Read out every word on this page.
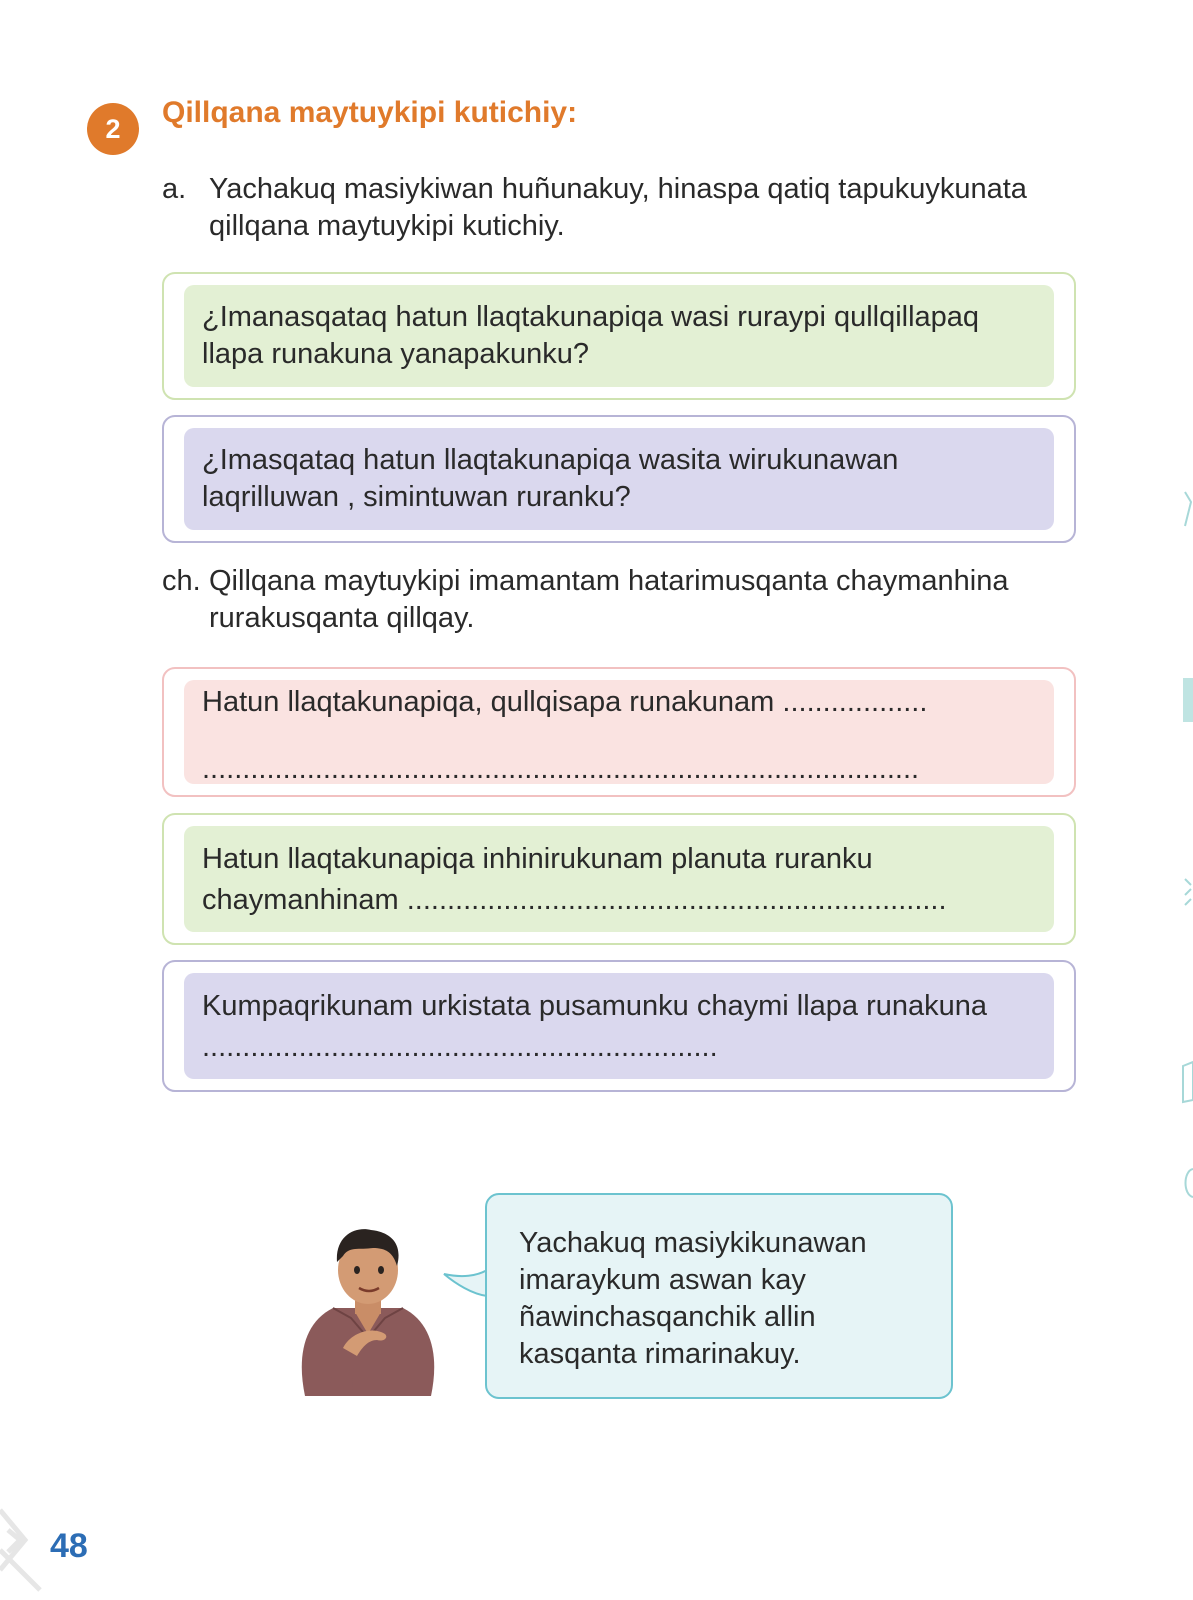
2	Qillqana maytuykipi kutichiy:
a. Yachakuq masiykiwan huñunakuy, hinaspa qatiq tapukuykunata qillqana maytuykipi kutichiy.
¿Imanasqataq hatun llaqtakunapiqa wasi ruraypi qullqillapaq llapa runakuna yanapakunku?
¿Imasqataq hatun llaqtakunapiqa wasita wirukunawan laqrilluwan , simintuwan ruranku?
ch. Qillqana maytuykipi imamantam hatarimusqanta chaymanhina rurakusqanta qillqay.
Hatun llaqtakunapiqa, qullqisapa runakunam ..................
.........................................................................................
Hatun llaqtakunapiqa inhinirukunam planuta ruranku
chaymanhinam ...................................................................
Kumpaqrikunam urkistata pusamunku chaymi llapa runakuna
................................................................
Yachakuq masiykikunawan imaraykum aswan kay ñawinchasqanchik allin kasqanta rimarinakuy.
48
